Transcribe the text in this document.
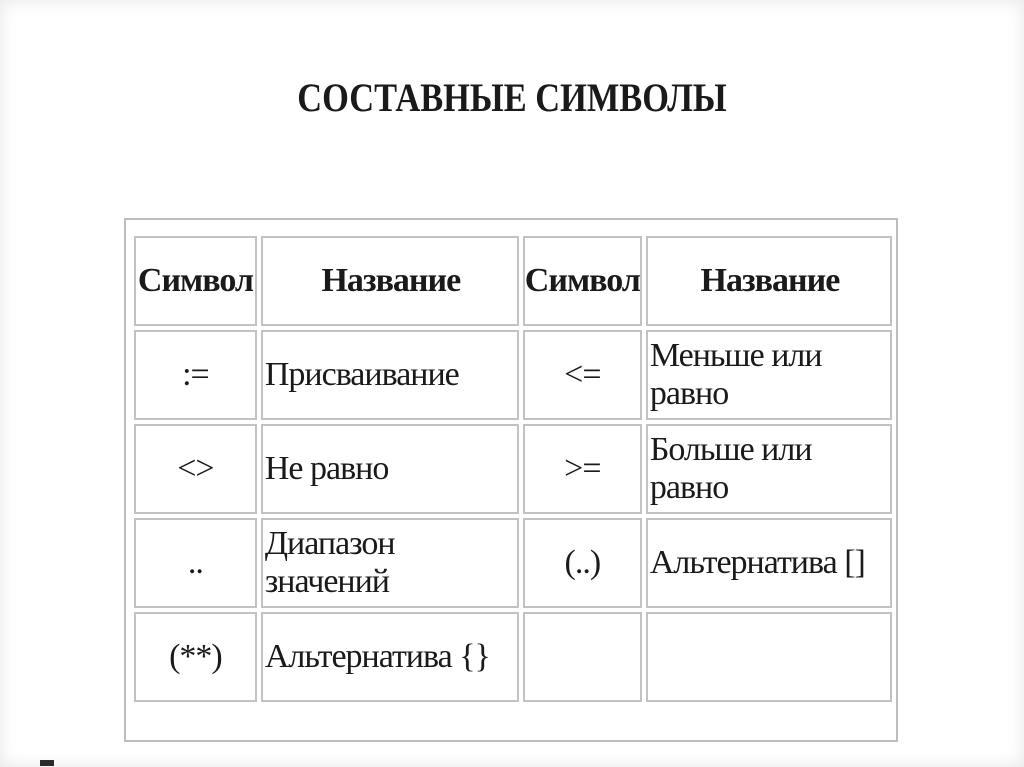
СОСТАВНЫЕ СИМВОЛЫ
Символ	Название	Символ	Название
:=	Присваивание	<=	Меньше или равно
<>	Не равно	>=	Больше или равно
..	Диапазон значений	(..)	Альтернатива []
(**)	Альтернатива {}		
